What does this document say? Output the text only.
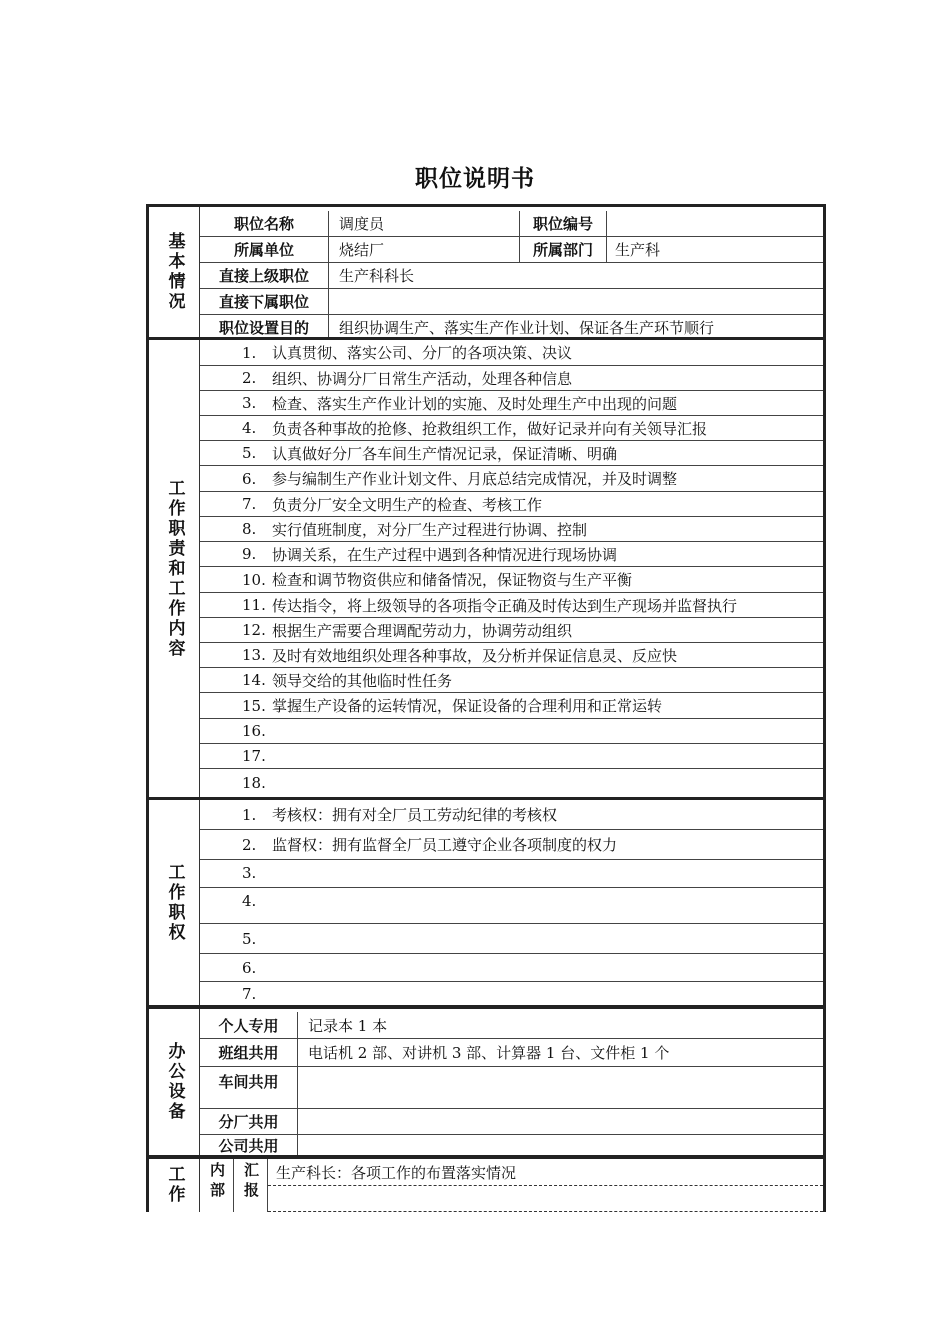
职位说明书
基本情况
职位名称	调度员	职位编号
所属单位	烧结厂	所属部门	生产科
直接上级职位	生产科科长
直接下属职位
职位设置目的	组织协调生产、落实生产作业计划、保证各生产环节顺行
工作职责和工作内容
1.	认真贯彻、落实公司、分厂的各项决策、决议
2.	组织、协调分厂日常生产活动，处理各种信息
3.	检查、落实生产作业计划的实施、及时处理生产中出现的问题
4.	负责各种事故的抢修、抢救组织工作，做好记录并向有关领导汇报
5.	认真做好分厂各车间生产情况记录，保证清晰、明确
6.	参与编制生产作业计划文件、月底总结完成情况，并及时调整
7.	负责分厂安全文明生产的检查、考核工作
8.	实行值班制度，对分厂生产过程进行协调、控制
9.	协调关系，在生产过程中遇到各种情况进行现场协调
10. 检查和调节物资供应和储备情况，保证物资与生产平衡
11. 传达指令，将上级领导的各项指令正确及时传达到生产现场并监督执行
12. 根据生产需要合理调配劳动力，协调劳动组织
13. 及时有效地组织处理各种事故，及分析并保证信息灵、反应快
14. 领导交给的其他临时性任务
15. 掌握生产设备的运转情况，保证设备的合理利用和正常运转
16.
17.
18.
工作职权
1.	考核权：拥有对全厂员工劳动纪律的考核权
2.	监督权：拥有监督全厂员工遵守企业各项制度的权力
3.
4.
5.
6.
7.
办公设备
个人专用	记录本 1 本
班组共用	电话机 2 部、对讲机 3 部、计算器 1 台、文件柜 1 个
车间共用
分厂共用
公司共用
工作 内部 汇报	生产科长：各项工作的布置落实情况
